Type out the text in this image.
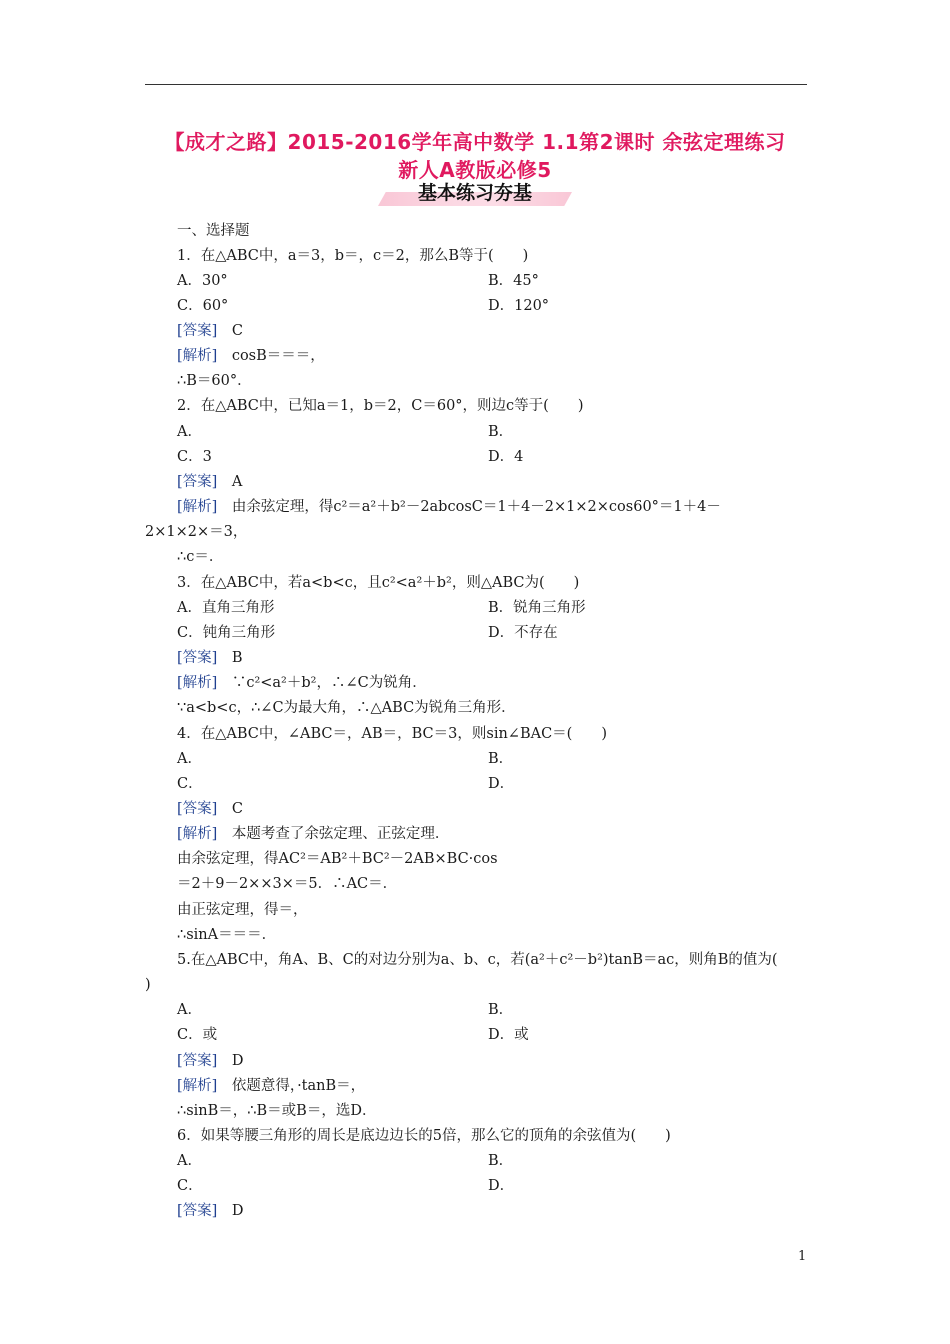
【成才之路】2015-2016学年高中数学 1.1第2课时 余弦定理练习
新人A教版必修5
基本练习夯基
一、选择题
1．在△ABC中，a＝3，b＝，c＝2，那么B等于(　　)
A．30°	B．45°
C．60°	D．120°
[答案]　C
[解析]　cosB＝＝＝，
∴B＝60°．
2．在△ABC中，已知a＝1，b＝2，C＝60°，则边c等于(　　)
A．	B．
C．3	D．4
[答案]　A
[解析]　由余弦定理，得c²＝a²＋b²－2abcosC＝1＋4－2×1×2×cos60°＝1＋4－
2×1×2×＝3，
∴c＝．
3．在△ABC中，若a<b<c，且c²<a²＋b²，则△ABC为(　　)
A．直角三角形	B．锐角三角形
C．钝角三角形	D．不存在
[答案]　B
[解析]　∵c²<a²＋b²，∴∠C为锐角．
∵a<b<c，∴∠C为最大角，∴△ABC为锐角三角形．
4．在△ABC中，∠ABC＝，AB＝，BC＝3，则sin∠BAC＝(　　)
A．	B．
C．	D．
[答案]　C
[解析]　本题考查了余弦定理、正弦定理．
由余弦定理，得AC²＝AB²＋BC²－2AB×BC·cos
＝2＋9－2××3×＝5．∴AC＝．
由正弦定理，得＝，
∴sinA＝＝＝．
5.在△ABC中，角A、B、C的对边分别为a、b、c，若(a²＋c²－b²)tanB＝ac，则角B的值为(
)
A．	B．
C．或	D．或
[答案]　D
[解析]　依题意得，·tanB＝，
∴sinB＝，∴B＝或B＝，选D．
6．如果等腰三角形的周长是底边边长的5倍，那么它的顶角的余弦值为(　　)
A．	B．
C．	D．
[答案]　D
1
